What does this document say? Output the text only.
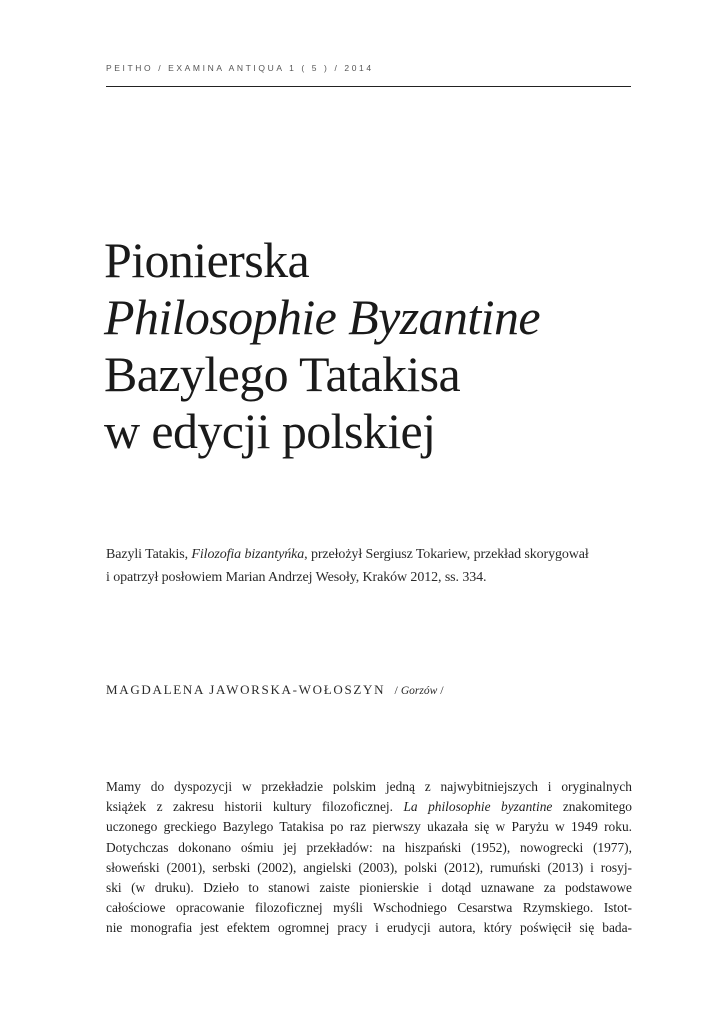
PEITHO / EXAMINA ANTIQUA 1 ( 5 ) / 2014
Pionierska
Philosophie Byzantine
Bazylego Tatakisa
w edycji polskiej
Bazyli Tatakis, Filozofia bizantyńka, przełożył Sergiusz Tokariew, przekład skorygował
i opatrzył posłowiem Marian Andrzej Wesoły, Kraków 2012, ss. 334.
MAGDALENA JAWORSKA-WOŁOSZYN / Gorzów /
Mamy do dyspozycji w przekładzie polskim jedną z najwybitniejszych i oryginalnych
książek z zakresu historii kultury filozoficznej. La philosophie byzantine znakomitego
uczonego greckiego Bazylego Tatakisa po raz pierwszy ukazała się w Paryżu w 1949 roku.
Dotychczas dokonano ośmiu jej przekładów: na hiszpański (1952), nowogrecki (1977),
słoweński (2001), serbski (2002), angielski (2003), polski (2012), rumuński (2013) i rosyj-
ski (w druku). Dzieło to stanowi zaiste pionierskie i dotąd uznawane za podstawowe
całościowe opracowanie filozoficznej myśli Wschodniego Cesarstwa Rzymskiego. Istot-
nie monografia jest efektem ogromnej pracy i erudycji autora, który poświęcił się bada-
